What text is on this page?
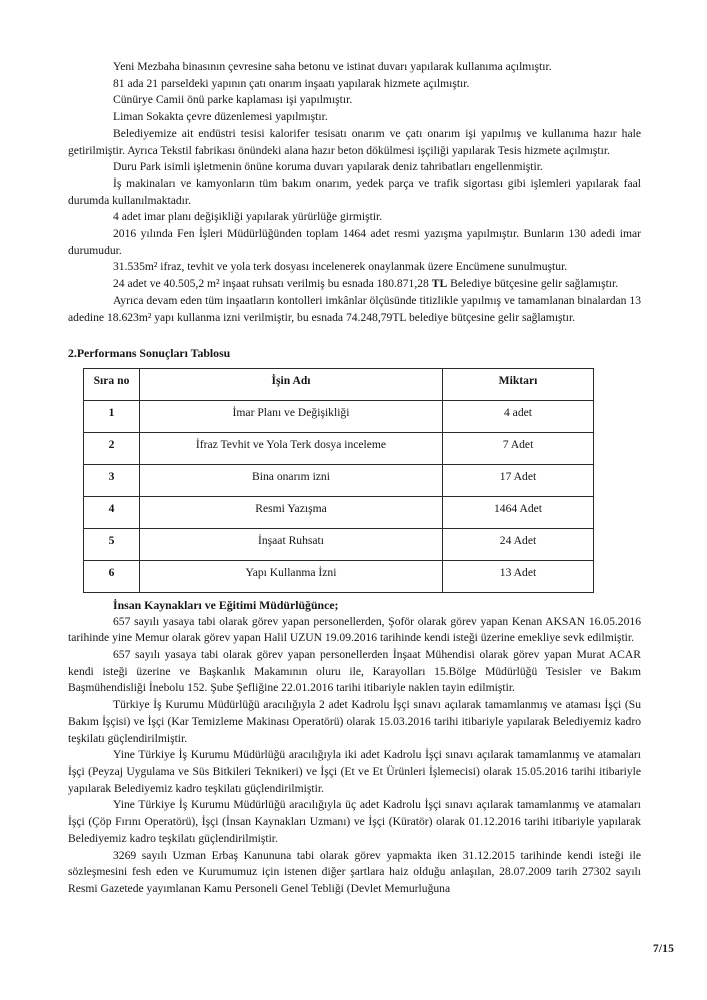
Yeni Mezbaha binasının çevresine saha betonu ve istinat duvarı yapılarak kullanıma açılmıştır.

81 ada 21 parseldeki yapının çatı onarım inşaatı yapılarak hizmete açılmıştır.

Cünürye Camii önü parke kaplaması işi yapılmıştır.

Liman Sokakta çevre düzenlemesi yapılmıştır.

Belediyemize ait endüstri tesisi kalorifer tesisatı onarım ve çatı onarım işi yapılmış ve kullanıma hazır hale getirilmiştir. Ayrıca Tekstil fabrikası önündeki alana hazır beton dökülmesi işçiliği yapılarak Tesis hizmete açılmıştır.

Duru Park isimli işletmenin önüne koruma duvarı yapılarak deniz tahribatları engellenmiştir.

İş makinaları ve kamyonların tüm bakım onarım, yedek parça ve trafik sigortası gibi işlemleri yapılarak faal durumda kullanılmaktadır.

4 adet imar planı değişikliği yapılarak yürürlüğe girmiştir.

2016 yılında Fen İşleri Müdürlüğünden toplam 1464 adet resmi yazışma yapılmıştır. Bunların 130 adedi imar durumudur.

31.535m² ifraz, tevhit ve yola terk dosyası incelenerek onaylanmak üzere Encümene sunulmuştur.

24 adet ve 40.505,2 m² inşaat ruhsatı verilmiş bu esnada 180.871,28 TL Belediye bütçesine gelir sağlamıştır.

Ayrıca devam eden tüm inşaatların kontolleri imkânlar ölçüsünde titizlikle yapılmış ve tamamlanan binalardan 13 adedine 18.623m² yapı kullanma izni verilmiştir, bu esnada 74.248,79TL belediye bütçesine gelir sağlamıştır.

2.Performans Sonuçları Tablosu
Sıra no	İşin Adı	Miktarı
1	İmar Planı ve Değişikliği	4 adet
2	İfraz Tevhit ve Yola Terk dosya inceleme	7 Adet
3	Bina onarım izni	17 Adet
4	Resmi Yazışma	1464 Adet
5	İnşaat Ruhsatı	24 Adet
6	Yapı Kullanma İzni	13 Adet
İnsan Kaynakları ve Eğitimi Müdürlüğünce;

657 sayılı yasaya tabi olarak görev yapan personellerden, Şoför olarak görev yapan Kenan AKSAN 16.05.2016 tarihinde yine Memur olarak görev yapan Halil UZUN 19.09.2016 tarihinde kendi isteği üzerine emekliye sevk edilmiştir.

657 sayılı yasaya tabi olarak görev yapan personellerden İnşaat Mühendisi olarak görev yapan Murat ACAR kendi isteği üzerine ve Başkanlık Makamının oluru ile, Karayolları 15.Bölge Müdürlüğü Tesisler ve Bakım Başmühendisliği İnebolu 152. Şube Şefliğine 22.01.2016 tarihi itibariyle naklen tayin edilmiştir.

Türkiye İş Kurumu Müdürlüğü aracılığıyla 2 adet Kadrolu İşçi sınavı açılarak tamamlanmış ve ataması İşçi (Su Bakım İşçisi) ve İşçi (Kar Temizleme Makinası Operatörü) olarak 15.03.2016 tarihi itibariyle yapılarak Belediyemiz kadro teşkilatı güçlendirilmiştir.

Yine Türkiye İş Kurumu Müdürlüğü aracılığıyla iki adet Kadrolu İşçi sınavı açılarak tamamlanmış ve atamaları İşçi (Peyzaj Uygulama ve Süs Bitkileri Teknikeri) ve İşçi (Et ve Et Ürünleri İşlemecisi) olarak 15.05.2016 tarihi itibariyle yapılarak Belediyemiz kadro teşkilatı güçlendirilmiştir.

Yine Türkiye İş Kurumu Müdürlüğü aracılığıyla üç adet Kadrolu İşçi sınavı açılarak tamamlanmış ve atamaları İşçi (Çöp Fırını Operatörü), İşçi (İnsan Kaynakları Uzmanı) ve İşçi (Küratör) olarak 01.12.2016 tarihi itibariyle yapılarak Belediyemiz kadro teşkilatı güçlendirilmiştir.

3269 sayılı Uzman Erbaş Kanununa tabi olarak görev yapmakta iken 31.12.2015 tarihinde kendi isteği ile sözleşmesini fesh eden ve Kurumumuz için istenen diğer şartlara haiz olduğu anlaşılan, 28.07.2009 tarih 27302 sayılı Resmi Gazetede yayımlanan Kamu Personeli Genel Tebliği (Devlet Memurluğuna

7/15
